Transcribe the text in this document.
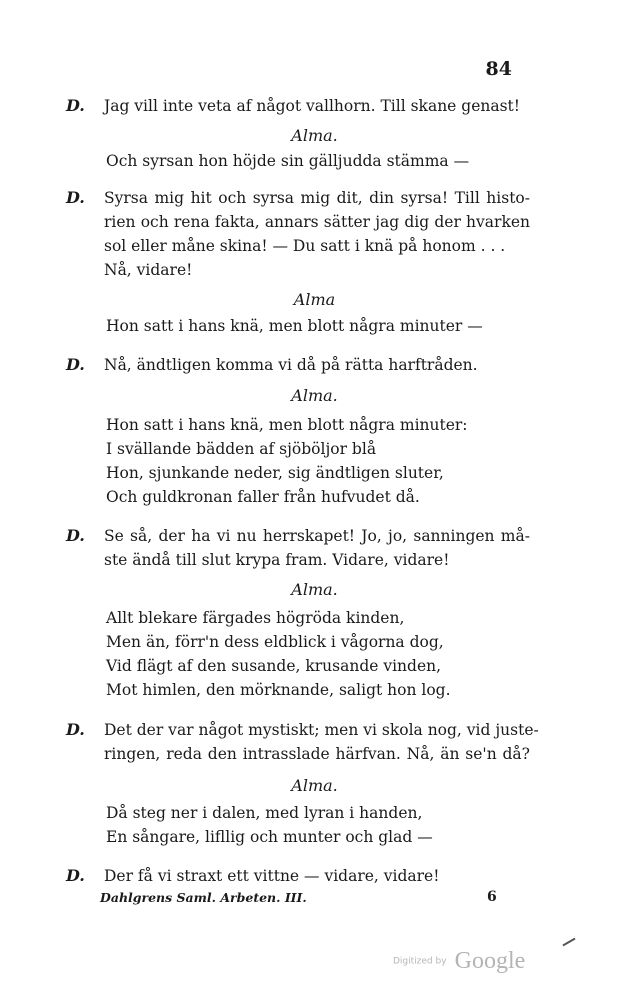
84
D. Jag vill inte veta af något vallhorn. Till skane genast!
Alma.
Och syrsan hon höjde sin gälljudda stämma —
D. Syrsa mig hit och syrsa mig dit, din syrsa! Till histo-
rien och rena fakta, annars sätter jag dig der hvarken
sol eller måne skina! — Du satt i knä på honom . . .
Nå, vidare!
Alma
Hon satt i hans knä, men blott några minuter —
D. Nå, ändtligen komma vi då på rätta harftråden.
Alma.
Hon satt i hans knä, men blott några minuter:
I svällande bädden af sjöböljor blå
Hon, sjunkande neder, sig ändtligen sluter,
Och guldkronan faller från hufvudet då.
D. Se så, der ha vi nu herrskapet! Jo, jo, sanningen må-
ste ändå till slut krypa fram. Vidare, vidare!
Alma.
Allt blekare färgades högröda kinden,
Men än, förr'n dess eldblick i vågorna dog,
Vid flägt af den susande, krusande vinden,
Mot himlen, den mörknande, saligt hon log.
D. Det der var något mystiskt; men vi skola nog, vid juste-
ringen, reda den intrasslade härfvan. Nå, än se'n då?
Alma.
Då steg ner i dalen, med lyran i handen,
En sångare, lifllig och munter och glad —
D. Der få vi straxt ett vittne — vidare, vidare!
Dahlgrens Saml. Arbeten. III.	6
Digitized by Google
